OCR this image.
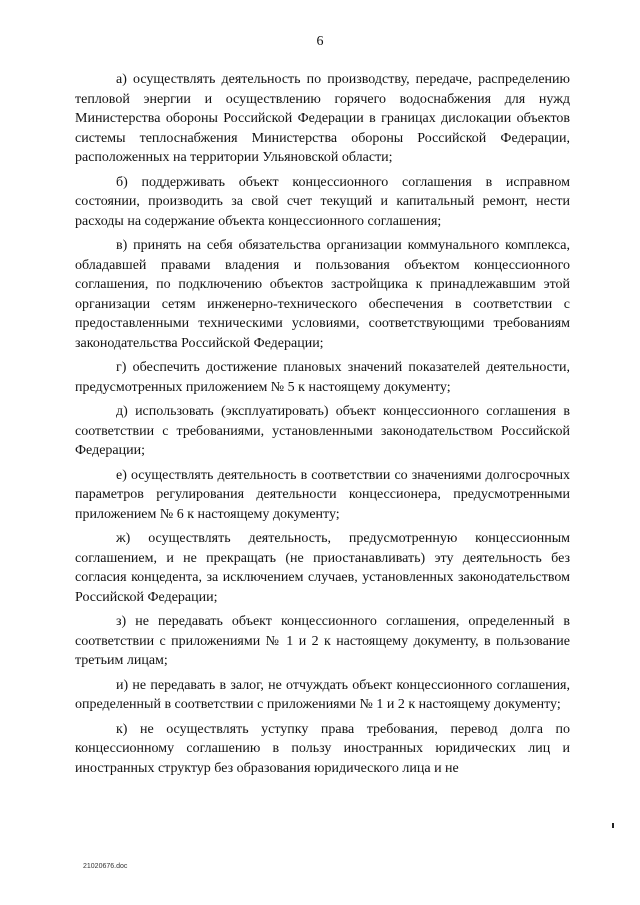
6

а) осуществлять деятельность по производству, передаче, распределению тепловой энергии и осуществлению горячего водоснабжения для нужд Министерства обороны Российской Федерации в границах дислокации объектов системы теплоснабжения Министерства обороны Российской Федерации, расположенных на территории Ульяновской области;

б) поддерживать объект концессионного соглашения в исправном состоянии, производить за свой счет текущий и капитальный ремонт, нести расходы на содержание объекта концессионного соглашения;

в) принять на себя обязательства организации коммунального комплекса, обладавшей правами владения и пользования объектом концессионного соглашения, по подключению объектов застройщика к принадлежавшим этой организации сетям инженерно-технического обеспечения в соответствии с предоставленными техническими условиями, соответствующими требованиям законодательства Российской Федерации;

г) обеспечить достижение плановых значений показателей деятельности, предусмотренных приложением № 5 к настоящему документу;

д) использовать (эксплуатировать) объект концессионного соглашения в соответствии с требованиями, установленными законодательством Российской Федерации;

е) осуществлять деятельность в соответствии со значениями долгосрочных параметров регулирования деятельности концессионера, предусмотренными приложением № 6 к настоящему документу;

ж) осуществлять деятельность, предусмотренную концессионным соглашением, и не прекращать (не приостанавливать) эту деятельность без согласия концедента, за исключением случаев, установленных законодательством Российской Федерации;

з) не передавать объект концессионного соглашения, определенный в соответствии с приложениями № 1 и 2 к настоящему документу, в пользование третьим лицам;

и) не передавать в залог, не отчуждать объект концессионного соглашения, определенный в соответствии с приложениями № 1 и 2 к настоящему документу;

к) не осуществлять уступку права требования, перевод долга по концессионному соглашению в пользу иностранных юридических лиц и иностранных структур без образования юридического лица и не

21020676.doc
